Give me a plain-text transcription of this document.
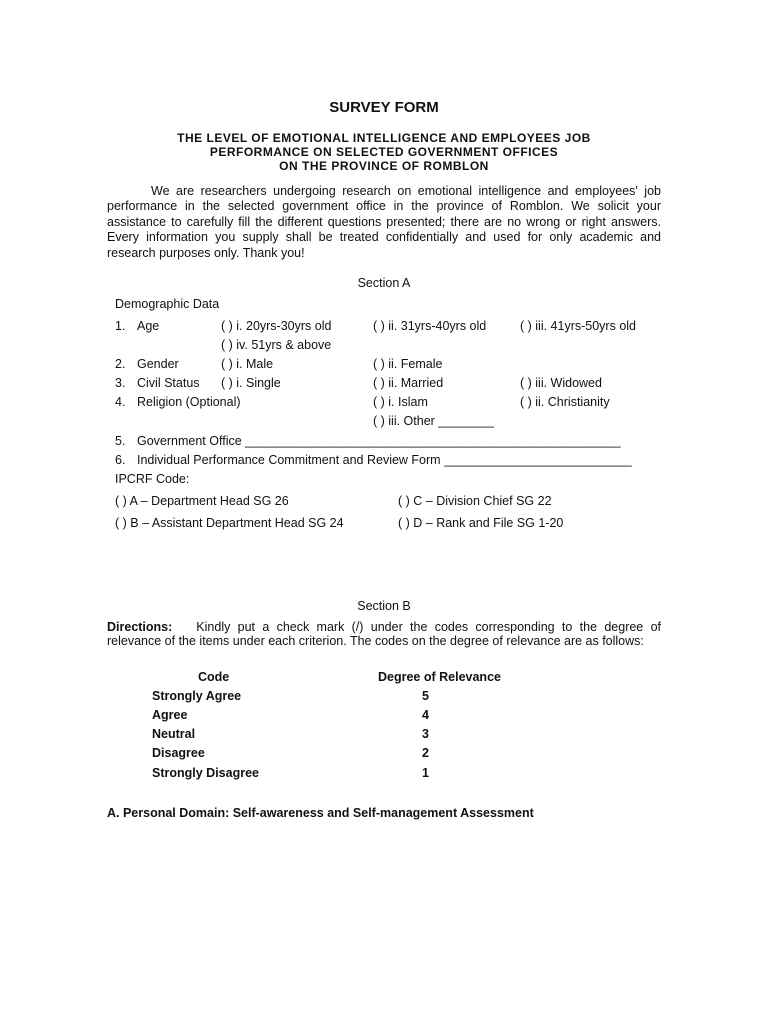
SURVEY FORM
THE LEVEL OF EMOTIONAL INTELLIGENCE AND EMPLOYEES JOB
PERFORMANCE ON SELECTED GOVERNMENT OFFICES
ON THE PROVINCE OF ROMBLON
We are researchers undergoing research on emotional intelligence and employees' job performance in the selected government office in the province of Romblon. We solicit your assistance to carefully fill the different questions presented; there are no wrong or right answers. Every information you supply shall be treated confidentially and used for only academic and research purposes only. Thank you!
Section A
Demographic Data
1. Age	( ) i. 20yrs-30yrs old	( ) ii. 31yrs-40yrs old	( ) iii. 41yrs-50yrs old
( ) iv. 51yrs & above
2. Gender	( ) i. Male	( ) ii. Female
3. Civil Status ( ) i. Single	( ) ii. Married	( ) iii. Widowed
4. Religion (Optional)	( ) i. Islam	( ) ii. Christianity
( ) iii. Other ________
5. Government Office ______________________________________________________
6. Individual Performance Commitment and Review Form ___________________________
IPCRF Code:
( ) A – Department Head SG 26	( ) C – Division Chief SG 22
( ) B – Assistant Department Head SG 24	( ) D – Rank and File SG 1-20
Section B
Directions: Kindly put a check mark (/) under the codes corresponding to the degree of relevance of the items under each criterion. The codes on the degree of relevance are as follows:
Code	Degree of Relevance
Strongly Agree	5
Agree	4
Neutral	3
Disagree	2
Strongly Disagree	1
A. Personal Domain: Self-awareness and Self-management Assessment
